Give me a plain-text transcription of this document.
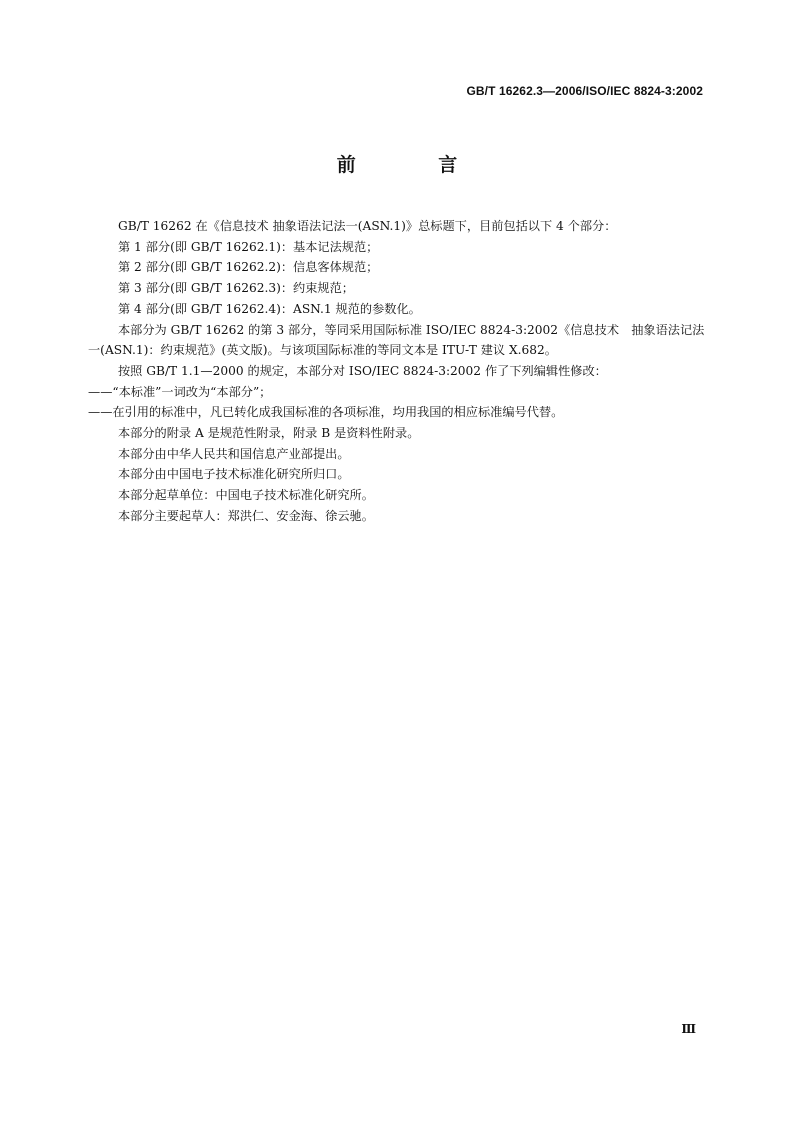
GB/T 16262.3—2006/ISO/IEC 8824-3:2002
前 言

GB/T 16262 在《信息技术 抽象语法记法一(ASN.1)》总标题下，目前包括以下 4 个部分：

第 1 部分(即 GB/T 16262.1)：基本记法规范；

第 2 部分(即 GB/T 16262.2)：信息客体规范；

第 3 部分(即 GB/T 16262.3)：约束规范；

第 4 部分(即 GB/T 16262.4)：ASN.1 规范的参数化。

本部分为 GB/T 16262 的第 3 部分，等同采用国际标准 ISO/IEC 8824-3:2002《信息技术　抽象语法记法一(ASN.1)：约束规范》(英文版)。与该项国际标准的等同文本是 ITU-T 建议 X.682。

按照 GB/T 1.1—2000 的规定，本部分对 ISO/IEC 8824-3:2002 作了下列编辑性修改：

——“本标准”一词改为“本部分”；

——在引用的标准中，凡已转化成我国标准的各项标准，均用我国的相应标准编号代替。

本部分的附录 A 是规范性附录，附录 B 是资料性附录。

本部分由中华人民共和国信息产业部提出。

本部分由中国电子技术标准化研究所归口。

本部分起草单位：中国电子技术标准化研究所。

本部分主要起草人：郑洪仁、安金海、徐云驰。

Ⅲ
